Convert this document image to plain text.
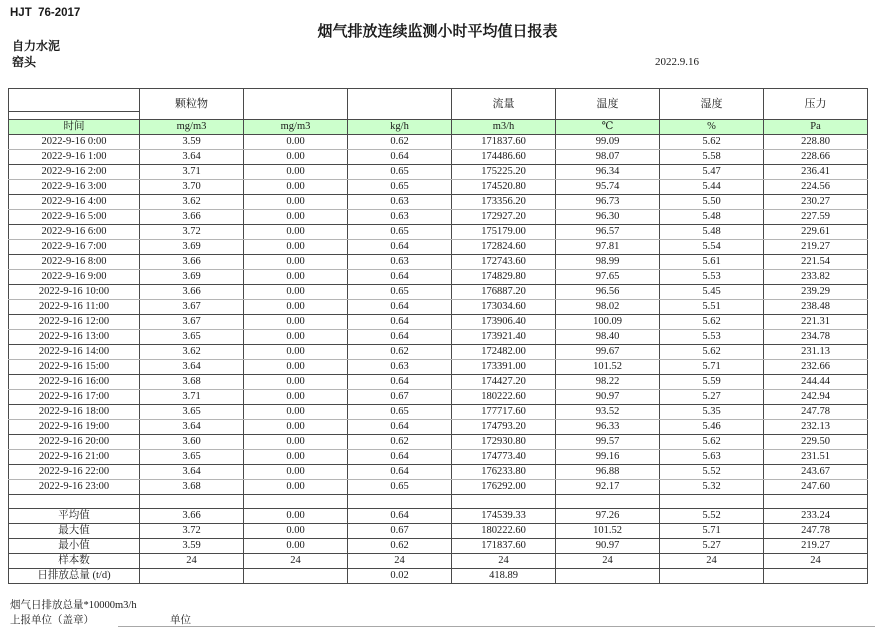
HJT  76-2017
烟气排放连续监测小时平均值日报表
自力水泥
窑头	2022.9.16
	颗粒物			流量	温度	湿度	压力
时间	mg/m3	mg/m3	kg/h	m3/h	℃	%	Pa
2022-9-16 0:00	3.59	0.00	0.62	171837.60	99.09	5.62	228.80
2022-9-16 1:00	3.64	0.00	0.64	174486.60	98.07	5.58	228.66
2022-9-16 2:00	3.71	0.00	0.65	175225.20	96.34	5.47	236.41
2022-9-16 3:00	3.70	0.00	0.65	174520.80	95.74	5.44	224.56
2022-9-16 4:00	3.62	0.00	0.63	173356.20	96.73	5.50	230.27
2022-9-16 5:00	3.66	0.00	0.63	172927.20	96.30	5.48	227.59
2022-9-16 6:00	3.72	0.00	0.65	175179.00	96.57	5.48	229.61
2022-9-16 7:00	3.69	0.00	0.64	172824.60	97.81	5.54	219.27
2022-9-16 8:00	3.66	0.00	0.63	172743.60	98.99	5.61	221.54
2022-9-16 9:00	3.69	0.00	0.64	174829.80	97.65	5.53	233.82
2022-9-16 10:00	3.66	0.00	0.65	176887.20	96.56	5.45	239.29
2022-9-16 11:00	3.67	0.00	0.64	173034.60	98.02	5.51	238.48
2022-9-16 12:00	3.67	0.00	0.64	173906.40	100.09	5.62	221.31
2022-9-16 13:00	3.65	0.00	0.64	173921.40	98.40	5.53	234.78
2022-9-16 14:00	3.62	0.00	0.62	172482.00	99.67	5.62	231.13
2022-9-16 15:00	3.64	0.00	0.63	173391.00	101.52	5.71	232.66
2022-9-16 16:00	3.68	0.00	0.64	174427.20	98.22	5.59	244.44
2022-9-16 17:00	3.71	0.00	0.67	180222.60	90.97	5.27	242.94
2022-9-16 18:00	3.65	0.00	0.65	177717.60	93.52	5.35	247.78
2022-9-16 19:00	3.64	0.00	0.64	174793.20	96.33	5.46	232.13
2022-9-16 20:00	3.60	0.00	0.62	172930.80	99.57	5.62	229.50
2022-9-16 21:00	3.65	0.00	0.64	174773.40	99.16	5.63	231.51
2022-9-16 22:00	3.64	0.00	0.64	176233.80	96.88	5.52	243.67
2022-9-16 23:00	3.68	0.00	0.65	176292.00	92.17	5.32	247.60

平均值	3.66	0.00	0.64	174539.33	97.26	5.52	233.24
最大值	3.72	0.00	0.67	180222.60	101.52	5.71	247.78
最小值	3.59	0.00	0.62	171837.60	90.97	5.27	219.27
样本数	24	24	24	24	24	24	24
日排放总量 (t/d)			0.02	418.89			
烟气日排放总量*10000m3/h
上报单位（盖章）	单位
